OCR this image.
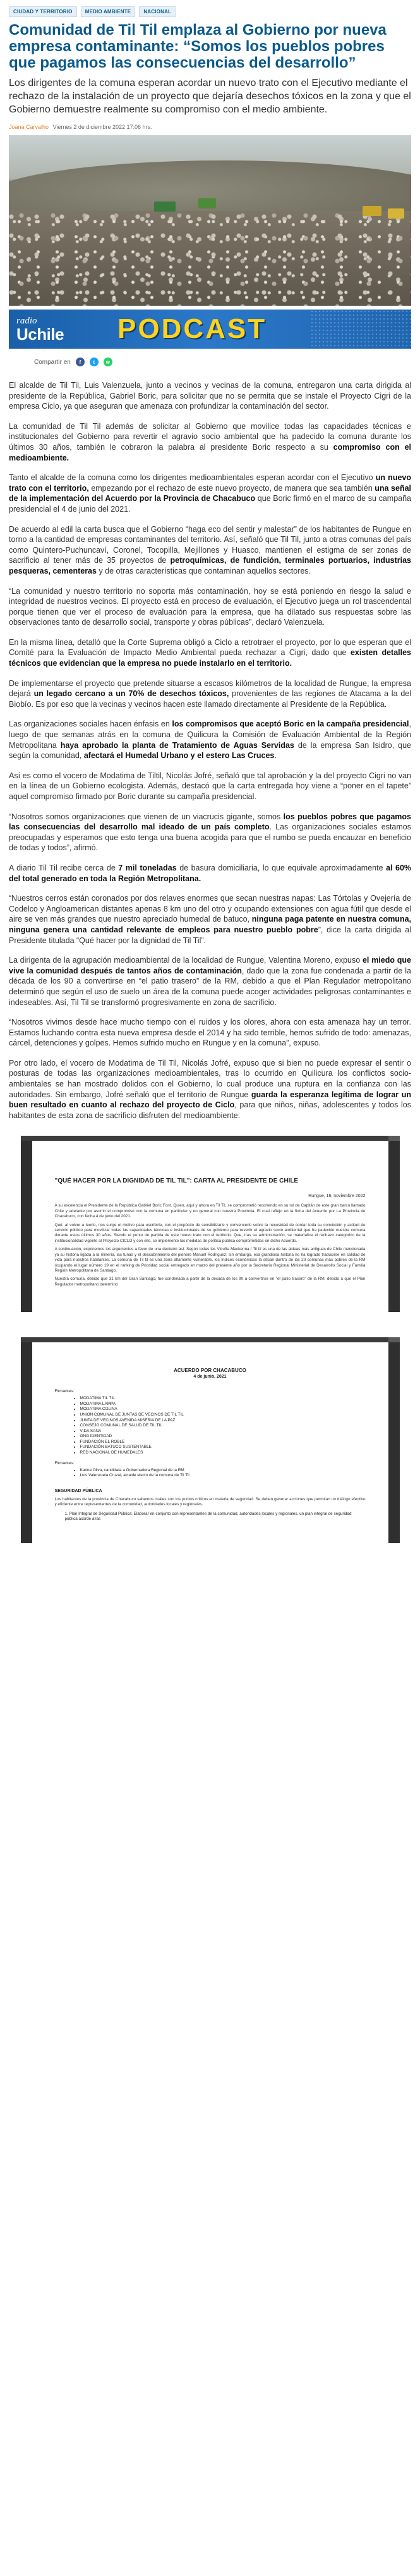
CIUDAD Y TERRITORIO	MEDIO AMBIENTE	NACIONAL
Comunidad de Til Til emplaza al Gobierno por nueva empresa contaminante: “Somos los pueblos pobres que pagamos las consecuencias del desarrollo”

Los dirigentes de la comuna esperan acordar un nuevo trato con el Ejecutivo mediante el rechazo de la instalación de un proyecto que dejaría desechos tóxicos en la zona y que el Gobierno demuestre realmente su compromiso con el medio ambiente.

Joana Carvalho Viernes 2 de diciembre 2022 17:06 hrs.
radio
Uchile	PODCAST
Compartir en	f	t	w

El alcalde de Til Til, Luis Valenzuela, junto a vecinos y vecinas de la comuna, entregaron una carta dirigida al presidente de la República, Gabriel Boric, para solicitar que no se permita que se instale el Proyecto Cigri de la empresa Ciclo, ya que aseguran que amenaza con profundizar la contaminación del sector.

La comunidad de Til Til además de solicitar al Gobierno que movilice todas las capacidades técnicas e institucionales del Gobierno para revertir el agravio socio ambiental que ha padecido la comuna durante los últimos 30 años, también le cobraron la palabra al presidente Boric respecto a su compromiso con el medioambiente.

Tanto el alcalde de la comuna como los dirigentes medioambientales esperan acordar con el Ejecutivo un nuevo trato con el territorio, empezando por el rechazo de este nuevo proyecto, de manera que sea también una señal de la implementación del Acuerdo por la Provincia de Chacabuco que Boric firmó en el marco de su campaña presidencial el 4 de junio del 2021.

De acuerdo al edil la carta busca que el Gobierno “haga eco del sentir y malestar” de los habitantes de Rungue en torno a la cantidad de empresas contaminantes del territorio. Así, señaló que Til Til, junto a otras comunas del país como Quintero-Puchuncaví, Coronel, Tocopilla, Mejillones y Huasco, mantienen el estigma de ser zonas de sacrificio al tener más de 35 proyectos de petroquímicas, de fundición, terminales portuarios, industrias pesqueras, cementeras y de otras características que contaminan aquellos sectores.

“La comunidad y nuestro territorio no soporta más contaminación, hoy se está poniendo en riesgo la salud e integridad de nuestros vecinos. El proyecto está en proceso de evaluación, el Ejecutivo juega un rol trascendental porque tienen que ver el proceso de evaluación para la empresa, que ha dilatado sus respuestas sobre las observaciones tanto de desarrollo social, transporte y obras públicas”, declaró Valenzuela.

En la misma línea, detalló que la Corte Suprema obligó a Ciclo a retrotraer el proyecto, por lo que esperan que el Comité para la Evaluación de Impacto Medio Ambiental pueda rechazar a Cigri, dado que existen detalles técnicos que evidencian que la empresa no puede instalarlo en el territorio.

De implementarse el proyecto que pretende situarse a escasos kilómetros de la localidad de Rungue, la empresa dejará un legado cercano a un 70% de desechos tóxicos, provenientes de las regiones de Atacama a la del Biobío. Es por eso que la vecinas y vecinos hacen este llamado directamente al Presidente de la República.

Las organizaciones sociales hacen énfasis en los compromisos que aceptó Boric en la campaña presidencial, luego de que semanas atrás en la comuna de Quilicura la Comisión de Evaluación Ambiental de la Región Metropolitana haya aprobado la planta de Tratamiento de Aguas Servidas de la empresa San Isidro, que según la comunidad, afectará el Humedal Urbano y el estero Las Cruces.

Así es como el vocero de Modatima de Tiltil, Nicolás Jofré, señaló que tal aprobación y la del proyecto Cigri no van en la línea de un Gobierno ecologista. Además, destacó que la carta entregada hoy viene a “poner en el tapete” aquel compromiso firmado por Boric durante su campaña presidencial.

“Nosotros somos organizaciones que vienen de un viacrucis gigante, somos los pueblos pobres que pagamos las consecuencias del desarrollo mal ideado de un país completo. Las organizaciones sociales estamos preocupadas y esperamos que esto tenga una buena acogida para que el rumbo se pueda encauzar en beneficio de todas y todos”, afirmó.

A diario Til Til recibe cerca de 7 mil toneladas de basura domiciliaria, lo que equivale aproximadamente al 60% del total generado en toda la Región Metropolitana.

“Nuestros cerros están coronados por dos relaves enormes que secan nuestras napas: Las Tórtolas y Ovejería de Codelco y Angloamerican distantes apenas 8 km uno del otro y ocupando extensiones con agua fútil que desde el aire se ven más grandes que nuestro apreciado humedal de batuco, ninguna paga patente en nuestra comuna, ninguna genera una cantidad relevante de empleos para nuestro pueblo pobre”, dice la carta dirigida al Presidente titulada “Qué hacer por la dignidad de Til Til”.

La dirigenta de la agrupación medioambiental de la localidad de Rungue, Valentina Moreno, expuso el miedo que vive la comunidad después de tantos años de contaminación, dado que la zona fue condenada a partir de la década de los 90 a convertirse en “el patio trasero” de la RM, debido a que el Plan Regulador metropolitano determinó que según el uso de suelo un área de la comuna puede acoger actividades peligrosas contaminantes e indeseables. Así, Til Til se transformó progresivamente en zona de sacrificio.

“Nosotros vivimos desde hace mucho tiempo con el ruidos y los olores, ahora con esta amenaza hay un terror. Estamos luchando contra esta nueva empresa desde el 2014 y ha sido terrible, hemos sufrido de todo: amenazas, cárcel, detenciones y golpes. Hemos sufrido mucho en Rungue y en la comuna”, expuso.

Por otro lado, el vocero de Modatima de Til Til, Nicolás Jofré, expuso que si bien no puede expresar el sentir o posturas de todas las organizaciones medioambientales, tras lo ocurrido en Quilicura los conflictos socio-ambientales se han mostrado dolidos con el Gobierno, lo cual produce una ruptura en la confianza con las autoridades. Sin embargo, Jofré señaló que el territorio de Rungue guarda la esperanza legítima de lograr un buen resultado en cuanto al rechazo del proyecto de Ciclo, para que niños, niñas, adolescentes y todos los habitantes de esta zona de sacrificio disfruten del medioambiente.

"QUÉ HACER POR LA DIGNIDAD DE TIL TIL": CARTA AL PRESIDENTE DE CHILE
Rungue, 16, noviembre 2022

A su excelencia el Presidente de la República Gabriel Boric Font. Quien, aquí y ahora en Til Til, se comprometió recorrendo en su rol de Capitán de este gran barco llamado Chile y adelante por asumir el compromiso con la comuna en particular y en general con nuestra Provincia. El cual reflejo en la firma del Acuerdo por La Provincia de Chacabuco, con fecha 4 de junio del 2021.

Qué, al volver a leerlo, nos surge el motivo para escribirle, con el propósito de sensibilizarle y convencerlo sobre la necesidad de contar toda su convicción y actitud de servicio público para movilizar todas las capacidades técnicas e institucionales de su gobierno para revertir el agravio socio ambiental que ha padecido nuestra comuna durante estos últimos 30 años. Siendo el punto de partida de este nuevo trato con el territorio. Que, tras su administración, se materialice el rechazo categórico de la institucionalidad vigente al Proyecto CICLO y con ello, se implemente las medidas de política pública comprometidas en dicho Acuerdo.

A continuación, exponemos los argumentos a favor de una decisión así: Según todas las Vicuña Mackenna / Til til es una de las aldeas más antiguas de Chile mencionada ya su historia ligada a la minería, las tunas y el descubrimiento del pionero Manuel Rodríguez; sin embargo, esa grandiosa historia no ha logrado traducirse en calidad de vida para nuestros habitantes. La comuna de Til til es una zona altamente vulnerable, los índices económicos la sitúan dentro de las 20 comunas más pobres de la RM ocupando el lugar número 19 en el ranking de Prioridad social entregado en marzo del presente año por la Secretaría Regional Ministerial de Desarrollo Social y Familia Región Metropolitana de Santiago.

Nuestra comuna, debido que 31 km del Gran Santiago, fue condenada a partir de la década de los 90 a convertirse en "el patio trasero" de la RM, debido a que el Plan Regulador metropolitano determinó

ACUERDO POR CHACABUCO
4 de junio, 2021
Firmantes:
• MODATIMA TIL TIL
• MODATIMA LAMPA
• MODATIMA COLINA
• UNION COMUNAL DE JUNTAS DE VECINOS DE TIL TIL
• JUNTA DE VECINOS AVENIDA MISERIA DE LA PAZ
• CONSEJO COMUNAL DE SALUD DE TIL TIL
• VIDA SANA
• ONG IDENTIDAD
• FUNDACIÓN EL ROBLE
• FUNDACIÓN BATUCO SUSTENTABLE
• RED NACIONAL DE HUMEDALES
Firmantes:
• Karina Oliva, candidata a Gobernadora Regional de la RM
• Luis Valenzuela Cruzat, alcalde electo de la comuna de Til Til
SEGURIDAD PÚBLICA

Los habitantes de la provincia de Chacabuco sabemos cuáles son los puntos críticos en materia de seguridad. Se deben generar acciones que permitan un diálogo efectivo y eficiente entre representantes de la comunidad, autoridades locales y regionales.

1. Plan Integral de Seguridad Pública: Elaborar en conjunto con representantes de la comunidad, autoridades locales y regionales, un plan integral de seguridad pública acorde a las
